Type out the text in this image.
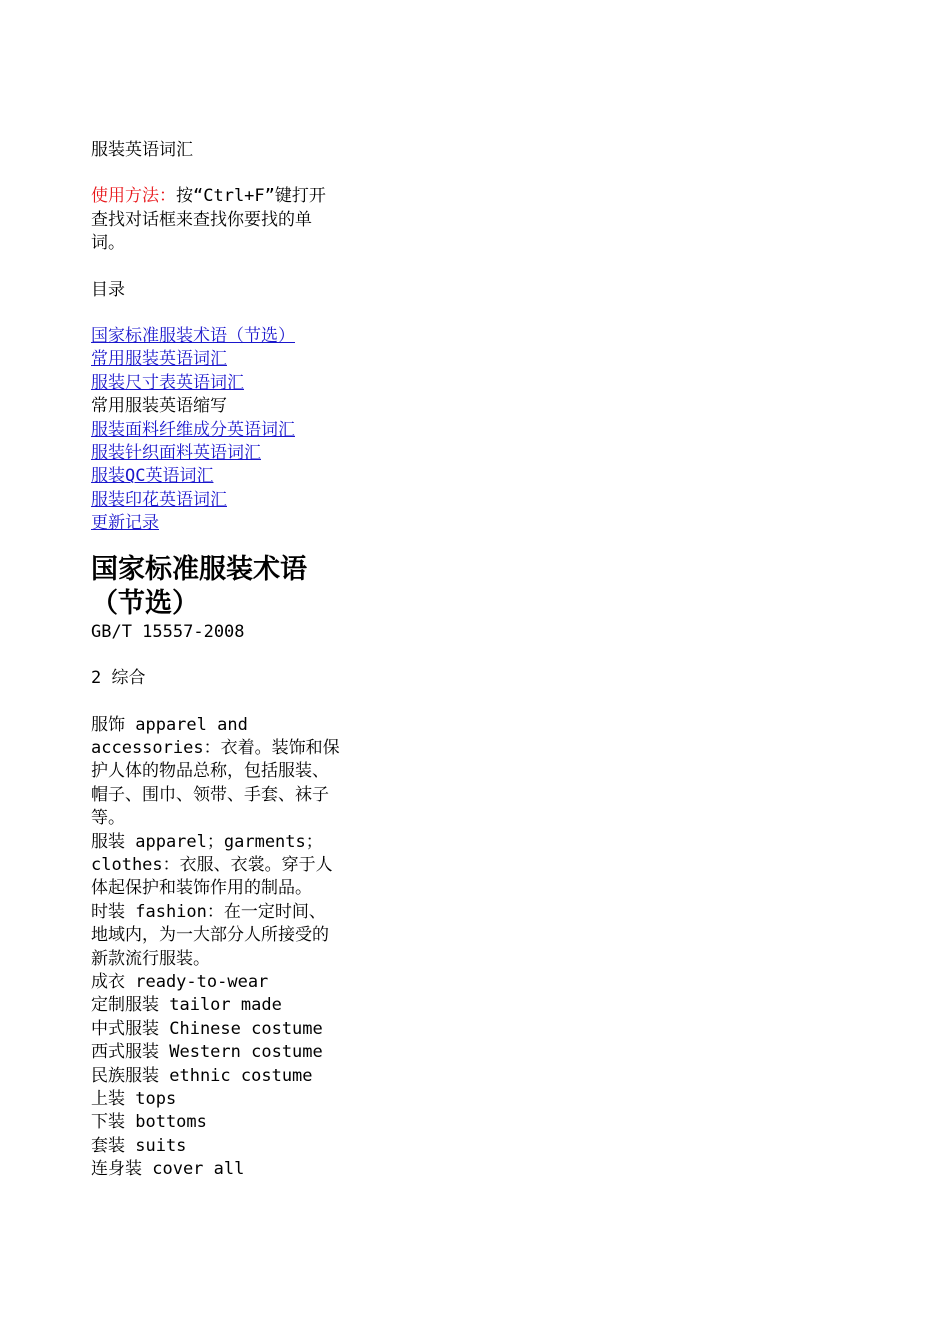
服装英语词汇
使用方法：按“Ctrl+F”键打开查找对话框来查找你要找的单词。
目录
国家标准服装术语（节选）
常用服装英语词汇
服装尺寸表英语词汇
常用服装英语缩写
服装面料纤维成分英语词汇
服装针织面料英语词汇
服装QC英语词汇
服装印花英语词汇
更新记录
国家标准服装术语（节选）
GB/T 15557-2008
2 综合
服饰 apparel and accessories：衣着。装饰和保护人体的物品总称，包括服装、帽子、围巾、领带、手套、袜子等。
服装 apparel；garments；clothes：衣服、衣裳。穿于人体起保护和装饰作用的制品。
时装 fashion：在一定时间、地域内，为一大部分人所接受的新款流行服装。
成衣 ready-to-wear
定制服装 tailor made
中式服装 Chinese costume
西式服装 Western costume
民族服装 ethnic costume
上装 tops
下装 bottoms
套装 suits
连身装 cover all
